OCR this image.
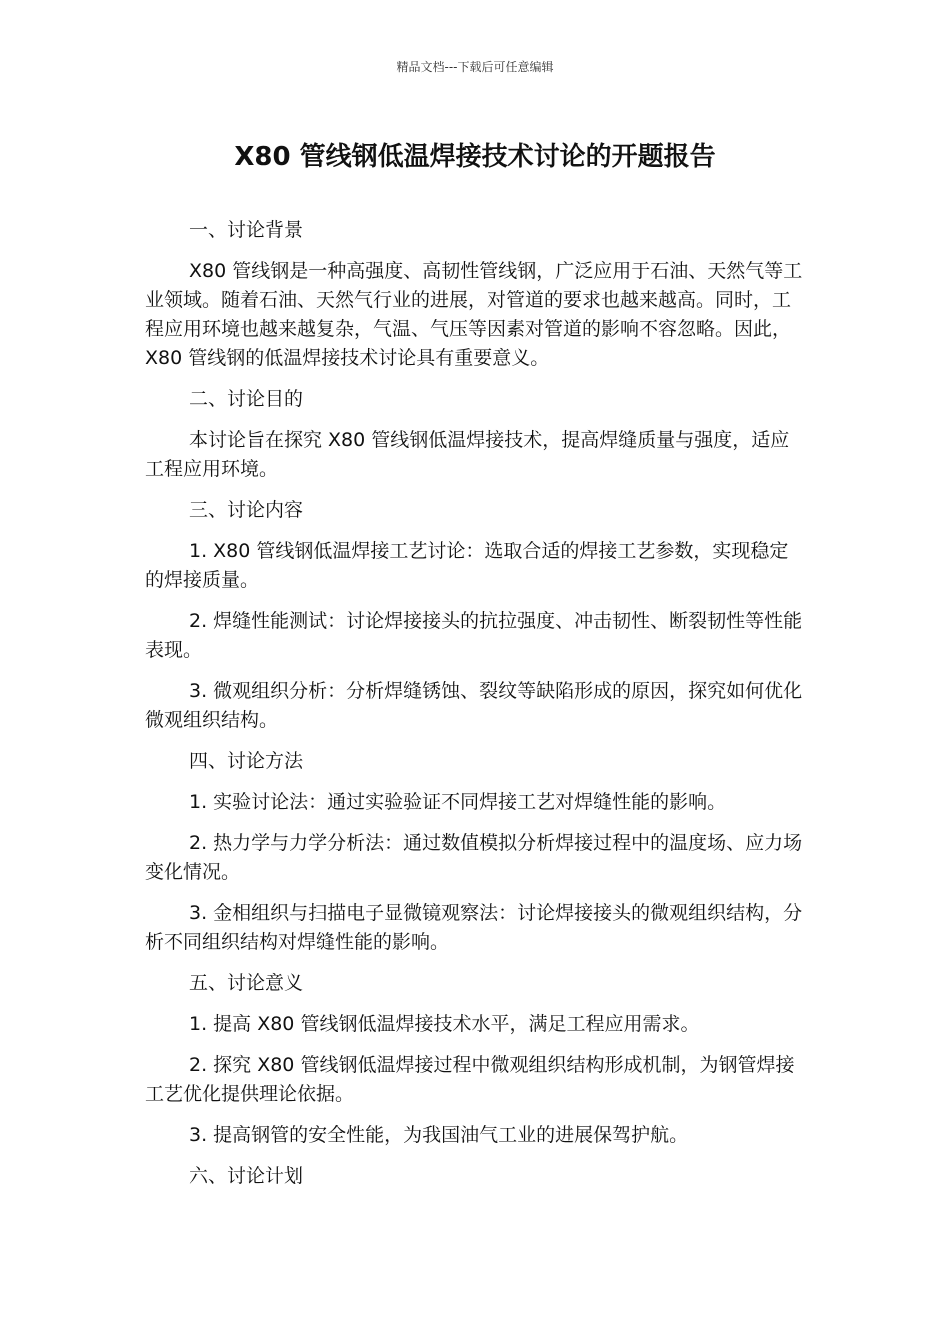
精品文档---下载后可任意编辑
X80 管线钢低温焊接技术讨论的开题报告
一、讨论背景
X80 管线钢是一种高强度、高韧性管线钢，广泛应用于石油、天然气等工业领域。随着石油、天然气行业的进展，对管道的要求也越来越高。同时，工程应用环境也越来越复杂，气温、气压等因素对管道的影响不容忽略。因此，X80 管线钢的低温焊接技术讨论具有重要意义。
二、讨论目的
本讨论旨在探究 X80 管线钢低温焊接技术，提高焊缝质量与强度，适应工程应用环境。
三、讨论内容
1. X80 管线钢低温焊接工艺讨论：选取合适的焊接工艺参数，实现稳定的焊接质量。
2. 焊缝性能测试：讨论焊接接头的抗拉强度、冲击韧性、断裂韧性等性能表现。
3. 微观组织分析：分析焊缝锈蚀、裂纹等缺陷形成的原因，探究如何优化微观组织结构。
四、讨论方法
1. 实验讨论法：通过实验验证不同焊接工艺对焊缝性能的影响。
2. 热力学与力学分析法：通过数值模拟分析焊接过程中的温度场、应力场变化情况。
3. 金相组织与扫描电子显微镜观察法：讨论焊接接头的微观组织结构，分析不同组织结构对焊缝性能的影响。
五、讨论意义
1. 提高 X80 管线钢低温焊接技术水平，满足工程应用需求。
2. 探究 X80 管线钢低温焊接过程中微观组织结构形成机制，为钢管焊接工艺优化提供理论依据。
3. 提高钢管的安全性能，为我国油气工业的进展保驾护航。
六、讨论计划
